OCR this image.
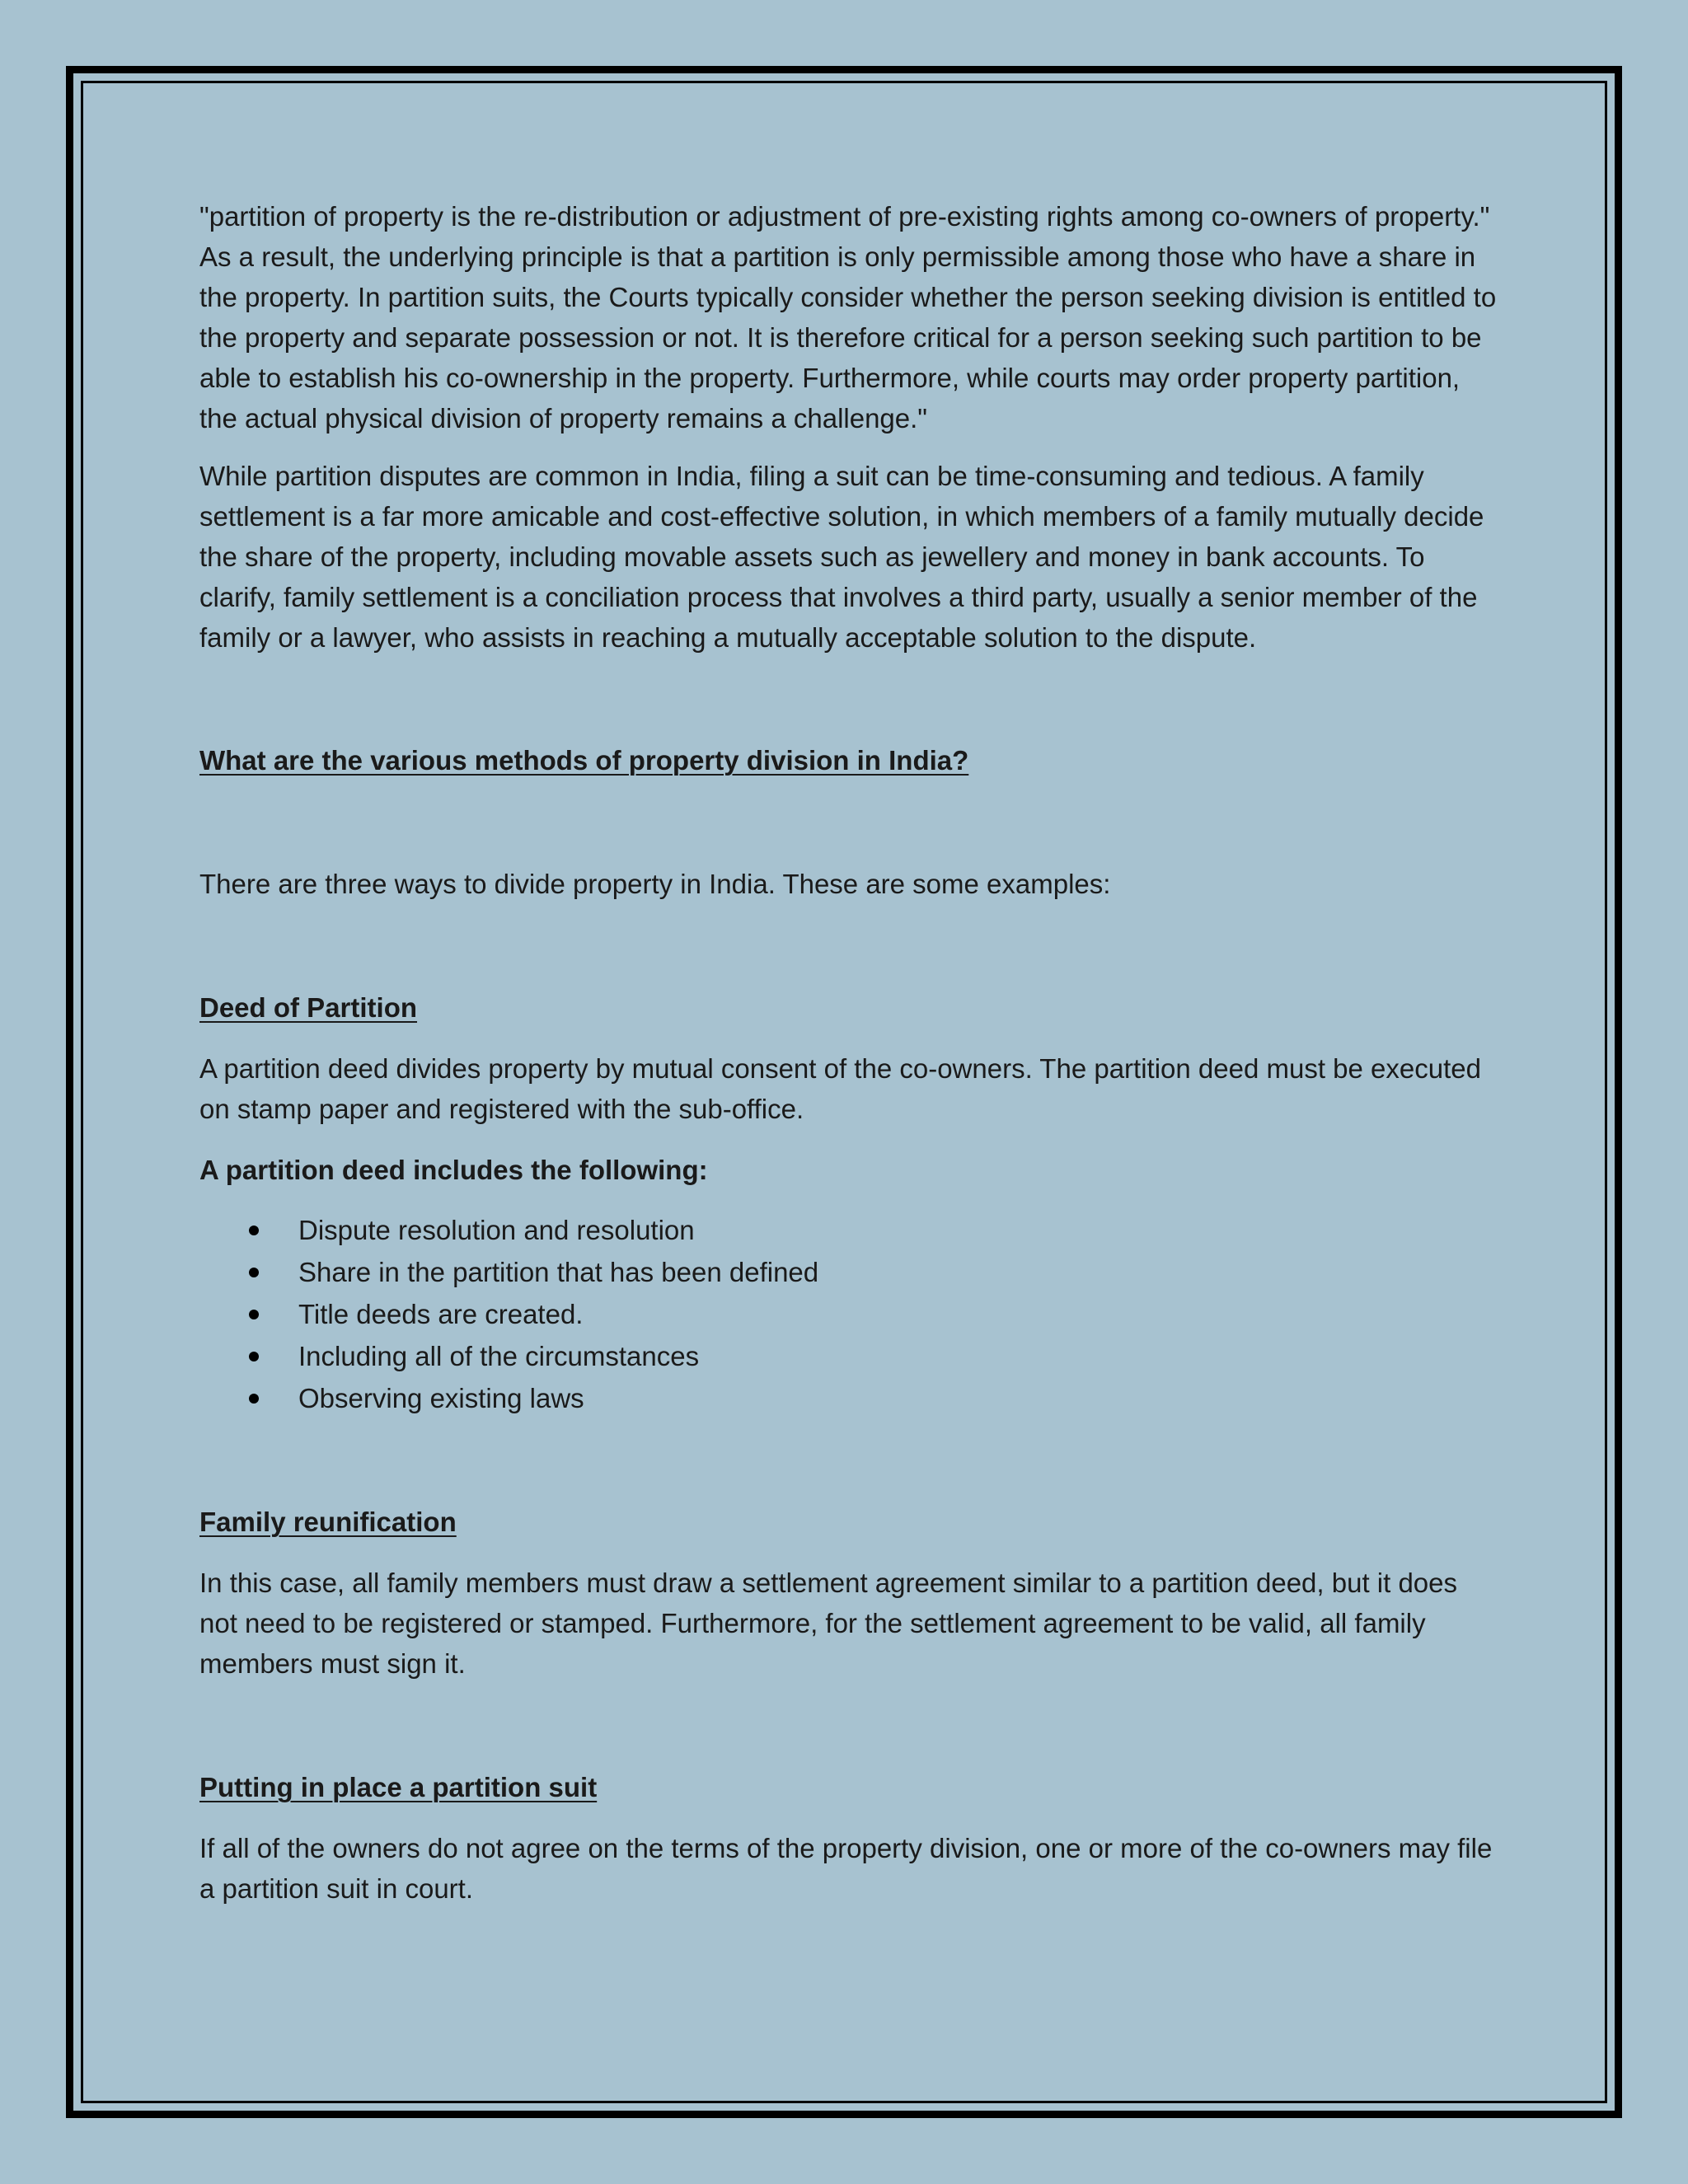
"partition of property is the re-distribution or adjustment of pre-existing rights among co-owners of property." As a result, the underlying principle is that a partition is only permissible among those who have a share in the property. In partition suits, the Courts typically consider whether the person seeking division is entitled to the property and separate possession or not. It is therefore critical for a person seeking such partition to be able to establish his co-ownership in the property. Furthermore, while courts may order property partition, the actual physical division of property remains a challenge."

While partition disputes are common in India, filing a suit can be time-consuming and tedious. A family settlement is a far more amicable and cost-effective solution, in which members of a family mutually decide the share of the property, including movable assets such as jewellery and money in bank accounts. To clarify, family settlement is a conciliation process that involves a third party, usually a senior member of the family or a lawyer, who assists in reaching a mutually acceptable solution to the dispute.

What are the various methods of property division in India?

There are three ways to divide property in India. These are some examples:

Deed of Partition

A partition deed divides property by mutual consent of the co-owners. The partition deed must be executed on stamp paper and registered with the sub-office.

A partition deed includes the following:

Dispute resolution and resolution
Share in the partition that has been defined
Title deeds are created.
Including all of the circumstances
Observing existing laws

Family reunification

In this case, all family members must draw a settlement agreement similar to a partition deed, but it does not need to be registered or stamped. Furthermore, for the settlement agreement to be valid, all family members must sign it.

Putting in place a partition suit

If all of the owners do not agree on the terms of the property division, one or more of the co-owners may file a partition suit in court.
